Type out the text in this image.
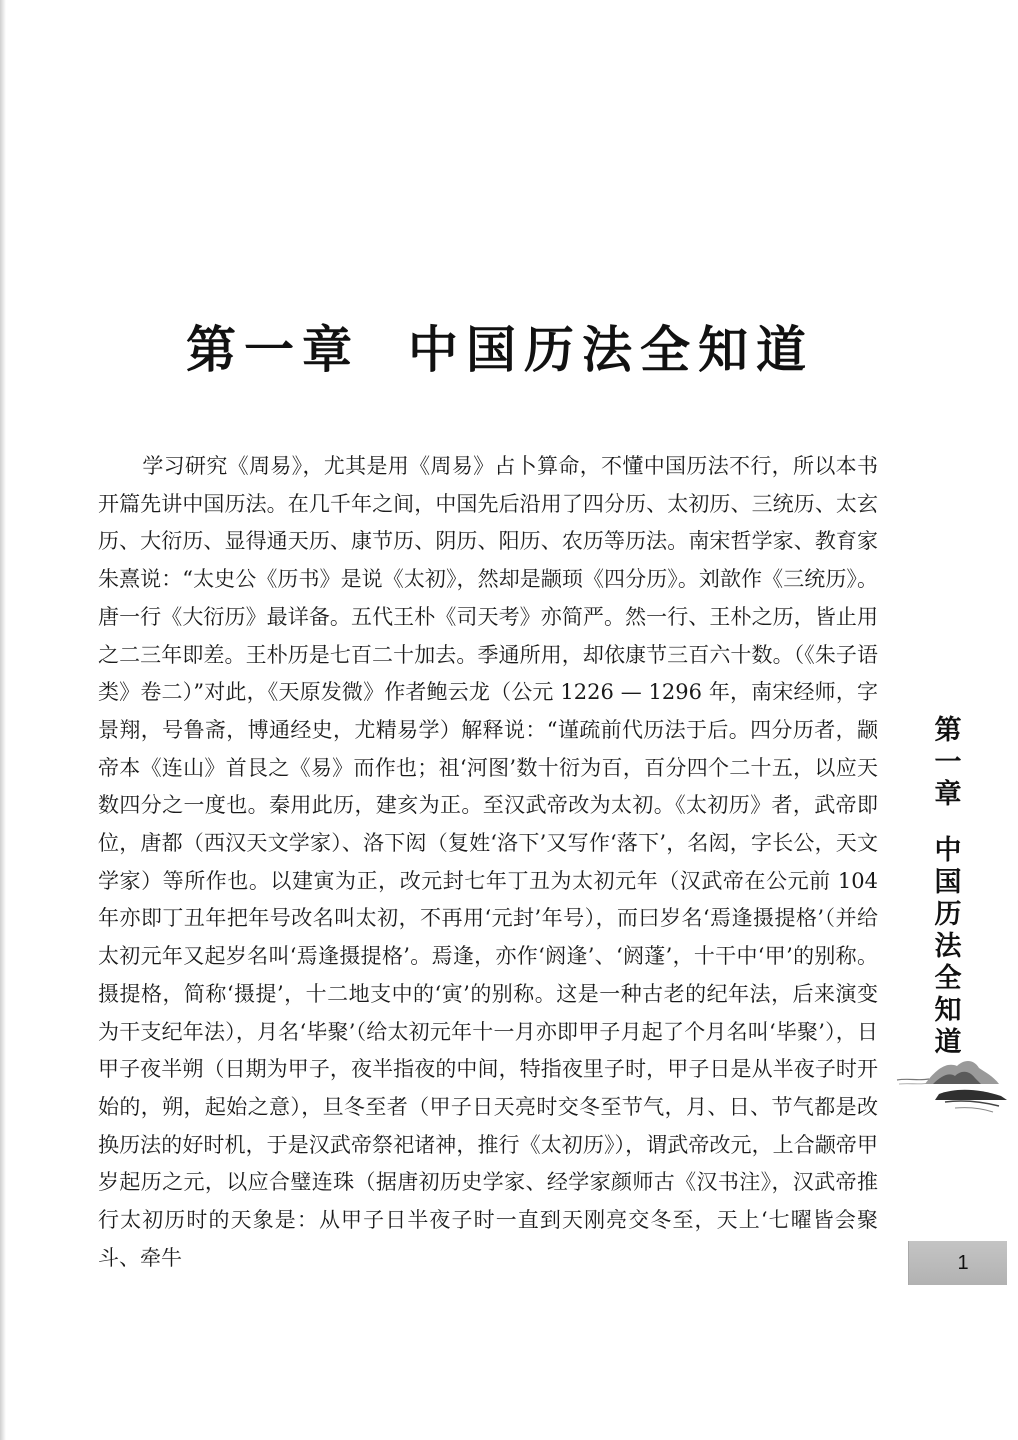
第一章 中国历法全知道

学习研究《周易》，尤其是用《周易》占卜算命，不懂中国历法不行，所以本书开篇先讲中国历法。在几千年之间，中国先后沿用了四分历、太初历、三统历、太玄历、大衍历、显得通天历、康节历、阴历、阳历、农历等历法。南宋哲学家、教育家朱熹说：“太史公《历书》是说《太初》，然却是颛顼《四分历》。刘歆作《三统历》。唐一行《大衍历》最详备。五代王朴《司天考》亦简严。然一行、王朴之历，皆止用之二三年即差。王朴历是七百二十加去。季通所用，却依康节三百六十数。（《朱子语类》卷二）”对此，《天原发微》作者鲍云龙（公元 1226 — 1296 年，南宋经师，字景翔，号鲁斋，博通经史，尤精易学）解释说：“谨疏前代历法于后。四分历者，颛帝本《连山》首艮之《易》而作也；祖‘河图’数十衍为百，百分四个二十五，以应天数四分之一度也。秦用此历，建亥为正。至汉武帝改为太初。《太初历》者，武帝即位，唐都（西汉天文学家）、洛下闳（复姓‘洛下’又写作‘落下’，名闳，字长公，天文学家）等所作也。以建寅为正，改元封七年丁丑为太初元年（汉武帝在公元前 104 年亦即丁丑年把年号改名叫太初，不再用‘元封’年号），而曰岁名‘焉逢摄提格’（并给太初元年又起岁名叫‘焉逢摄提格’。焉逢，亦作‘阏逢’、‘阏蓬’，十干中‘甲’的别称。摄提格，简称‘摄提’，十二地支中的‘寅’的别称。这是一种古老的纪年法，后来演变为干支纪年法），月名‘毕聚’（给太初元年十一月亦即甲子月起了个月名叫‘毕聚’），日甲子夜半朔（日期为甲子，夜半指夜的中间，特指夜里子时，甲子日是从半夜子时开始的，朔，起始之意），旦冬至者（甲子日天亮时交冬至节气，月、日、节气都是改换历法的好时机，于是汉武帝祭祀诸神，推行《太初历》），谓武帝改元，上合颛帝甲岁起历之元，以应合璧连珠（据唐初历史学家、经学家颜师古《汉书注》，汉武帝推行太初历时的天象是：从甲子日半夜子时一直到天刚亮交冬至，天上‘七曜皆会聚斗、牵牛

第
一
章
中
国
历
法
全
知
道
1
